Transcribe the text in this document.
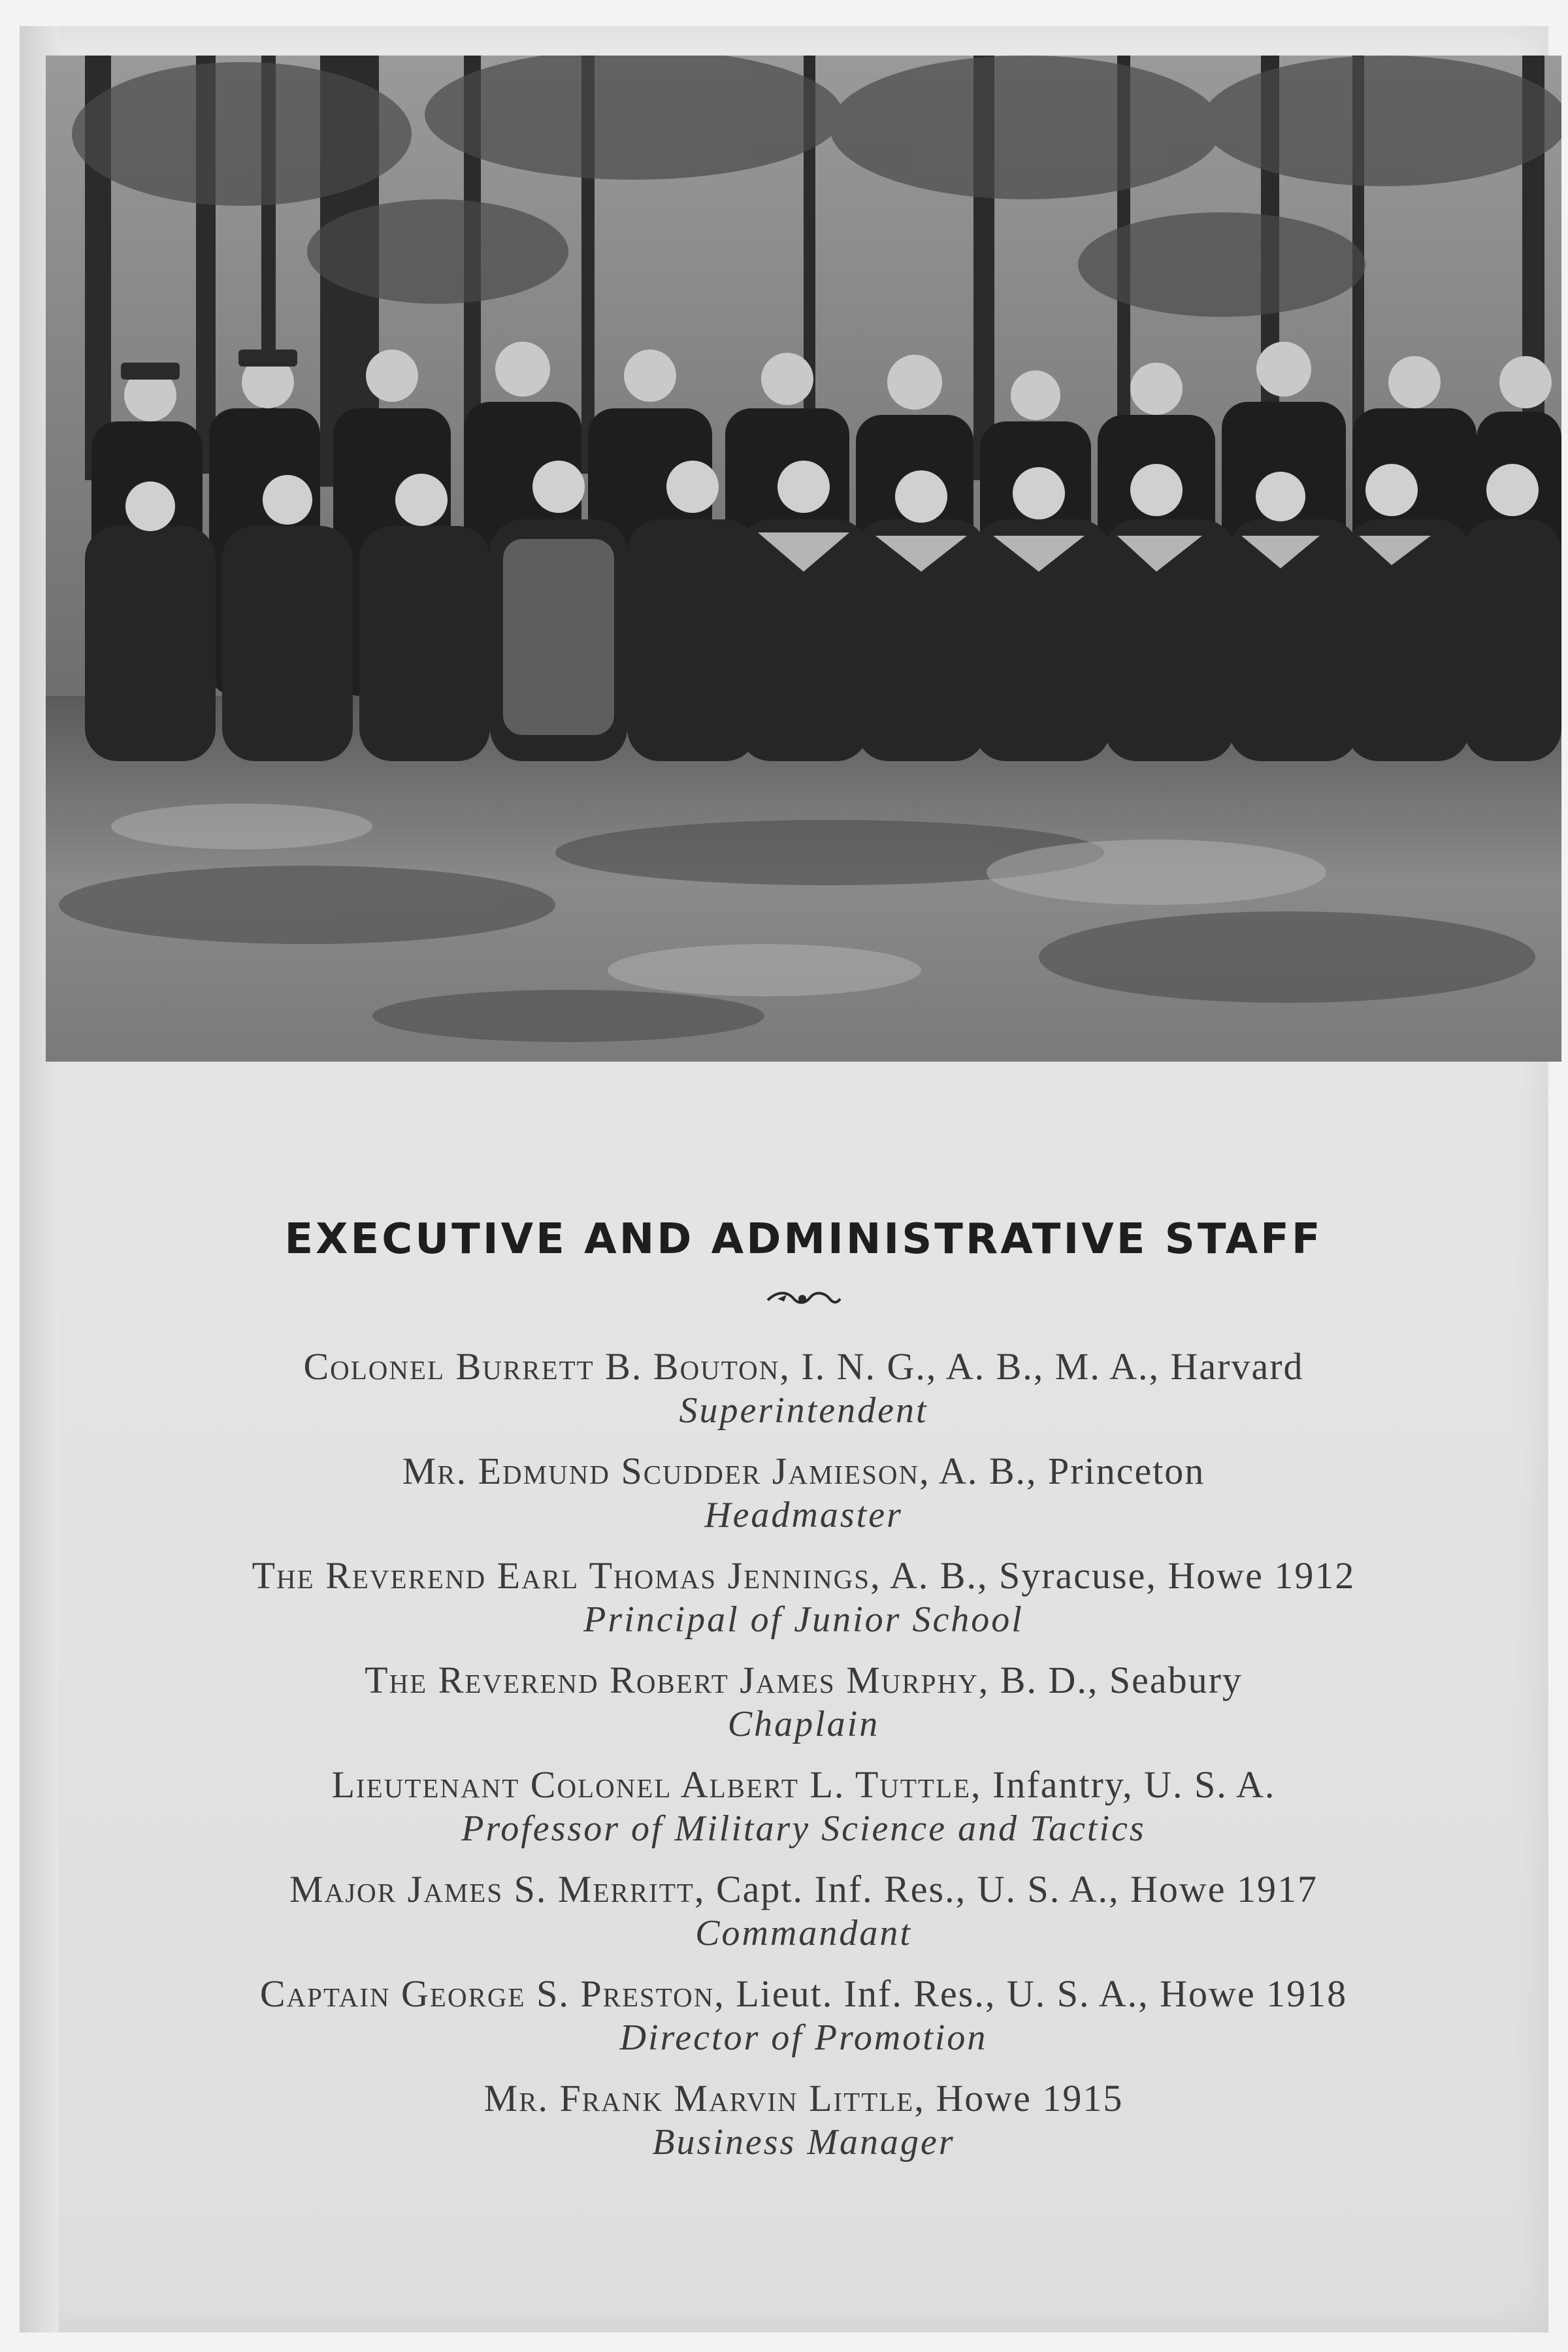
EXECUTIVE AND ADMINISTRATIVE STAFF
Colonel Burrett B. Bouton, I. N. G., A. B., M. A., Harvard
Superintendent
Mr. Edmund Scudder Jamieson, A. B., Princeton
Headmaster
The Reverend Earl Thomas Jennings, A. B., Syracuse, Howe 1912
Principal of Junior School
The Reverend Robert James Murphy, B. D., Seabury
Chaplain
Lieutenant Colonel Albert L. Tuttle, Infantry, U. S. A.
Professor of Military Science and Tactics
Major James S. Merritt, Capt. Inf. Res., U. S. A., Howe 1917
Commandant
Captain George S. Preston, Lieut. Inf. Res., U. S. A., Howe 1918
Director of Promotion
Mr. Frank Marvin Little, Howe 1915
Business Manager
